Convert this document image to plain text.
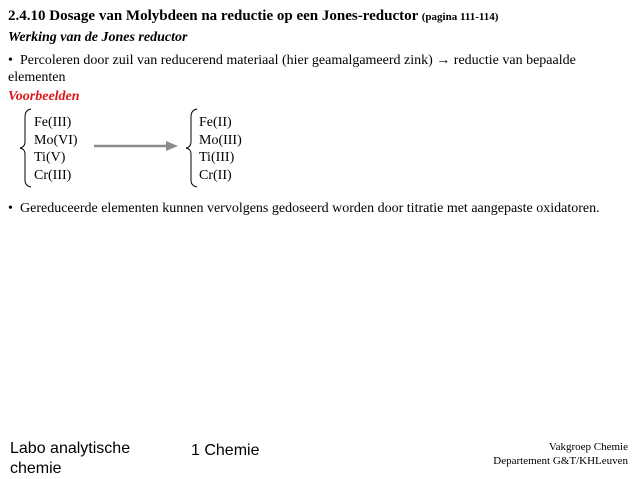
2.4.10 Dosage van Molybdeen na reductie op een Jones-reductor (pagina 111-114)
Werking van de Jones reductor
• Percoleren door zuil van reducerend materiaal (hier geamalgameerd zink) → reductie van bepaalde elementen
Voorbeelden
Fe(III)
Mo(VI)
Ti(V)
Cr(III)
Fe(II)
Mo(III)
Ti(III)
Cr(II)
• Gereduceerde elementen kunnen vervolgens gedoseerd worden door titratie met aangepaste oxidatoren.
Labo analytische
chemie
1 Chemie	Vakgroep Chemie
Departement G&T/KHLeuven
